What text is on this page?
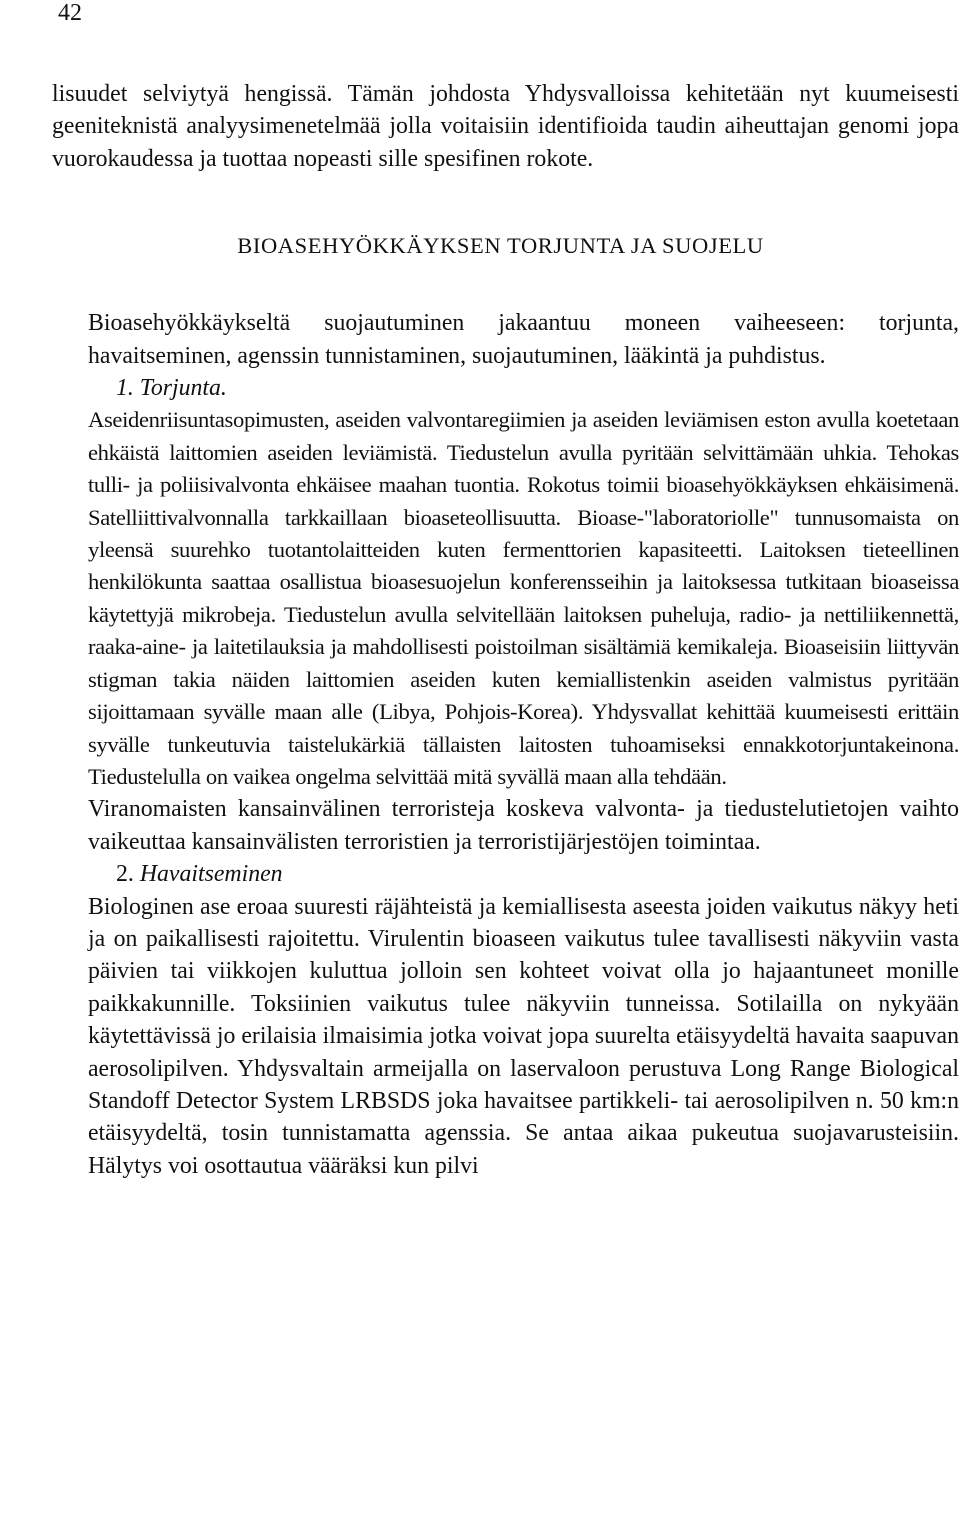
42

lisuudet selviytyä hengissä. Tämän johdosta Yhdysvalloissa kehitetään nyt kuumeisesti geeniteknistä analyysimenetelmää jolla voitaisiin identifioida taudin aiheuttajan genomi jopa vuorokaudessa ja tuottaa nopeasti sille spesifinen rokote.

BIOASEHYÖKKÄYKSEN TORJUNTA JA SUOJELU

Bioasehyökkäykseltä suojautuminen jakaantuu moneen vaiheeseen: torjunta, havaitseminen, agenssin tunnistaminen, suojautuminen, lääkintä ja puhdistus.

1. Torjunta.

Aseidenriisuntasopimusten, aseiden valvontaregiimien ja aseiden leviämisen eston avulla koetetaan ehkäistä laittomien aseiden leviämistä. Tiedustelun avulla pyritään selvittämään uhkia. Tehokas tulli- ja poliisivalvonta ehkäisee maahan tuontia. Rokotus toimii bioasehyökkäyksen ehkäisimenä. Satelliittivalvonnalla tarkkaillaan bioaseteollisuutta. Bioase-"laboratoriolle" tunnusomaista on yleensä suurehko tuotantolaitteiden kuten fermenttorien kapasiteetti. Laitoksen tieteellinen henkilökunta saattaa osallistua bioasesuojelun konferensseihin ja laitoksessa tutkitaan bioaseissa käytettyjä mikrobeja. Tiedustelun avulla selvitellään laitoksen puheluja, radio- ja nettiliikennettä, raaka-aine- ja laitetilauksia ja mahdollisesti poistoilman sisältämiä kemikaleja. Bioaseisiin liittyvän stigman takia näiden laittomien aseiden kuten kemiallistenkin aseiden valmistus pyritään sijoittamaan syvälle maan alle (Libya, Pohjois-Korea). Yhdysvallat kehittää kuumeisesti erittäin syvälle tunkeutuvia taistelukärkiä tällaisten laitosten tuhoamiseksi ennakkotorjuntakeinona. Tiedustelulla on vaikea ongelma selvittää mitä syvällä maan alla tehdään.

Viranomaisten kansainvälinen terroristeja koskeva valvonta- ja tiedustelutietojen vaihto vaikeuttaa kansainvälisten terroristien ja terroristijärjestöjen toimintaa.

2. Havaitseminen

Biologinen ase eroaa suuresti räjähteistä ja kemiallisesta aseesta joiden vaikutus näkyy heti ja on paikallisesti rajoitettu. Virulentin bioaseen vaikutus tulee tavallisesti näkyviin vasta päivien tai viikkojen kuluttua jolloin sen kohteet voivat olla jo hajaantuneet monille paikkakunnille. Toksiinien vaikutus tulee näkyviin tunneissa. Sotilailla on nykyään käytettävissä jo erilaisia ilmaisimia jotka voivat jopa suurelta etäisyydeltä havaita saapuvan aerosolipilven. Yhdysvaltain armeijalla on laservaloon perustuva Long Range Biological Standoff Detector System LRBSDS joka havaitsee partikkeli- tai aerosolipilven n. 50 km:n etäisyydeltä, tosin tunnistamatta agenssia. Se antaa aikaa pukeutua suojavarusteisiin. Hälytys voi osottautua vääräksi kun pilvi
